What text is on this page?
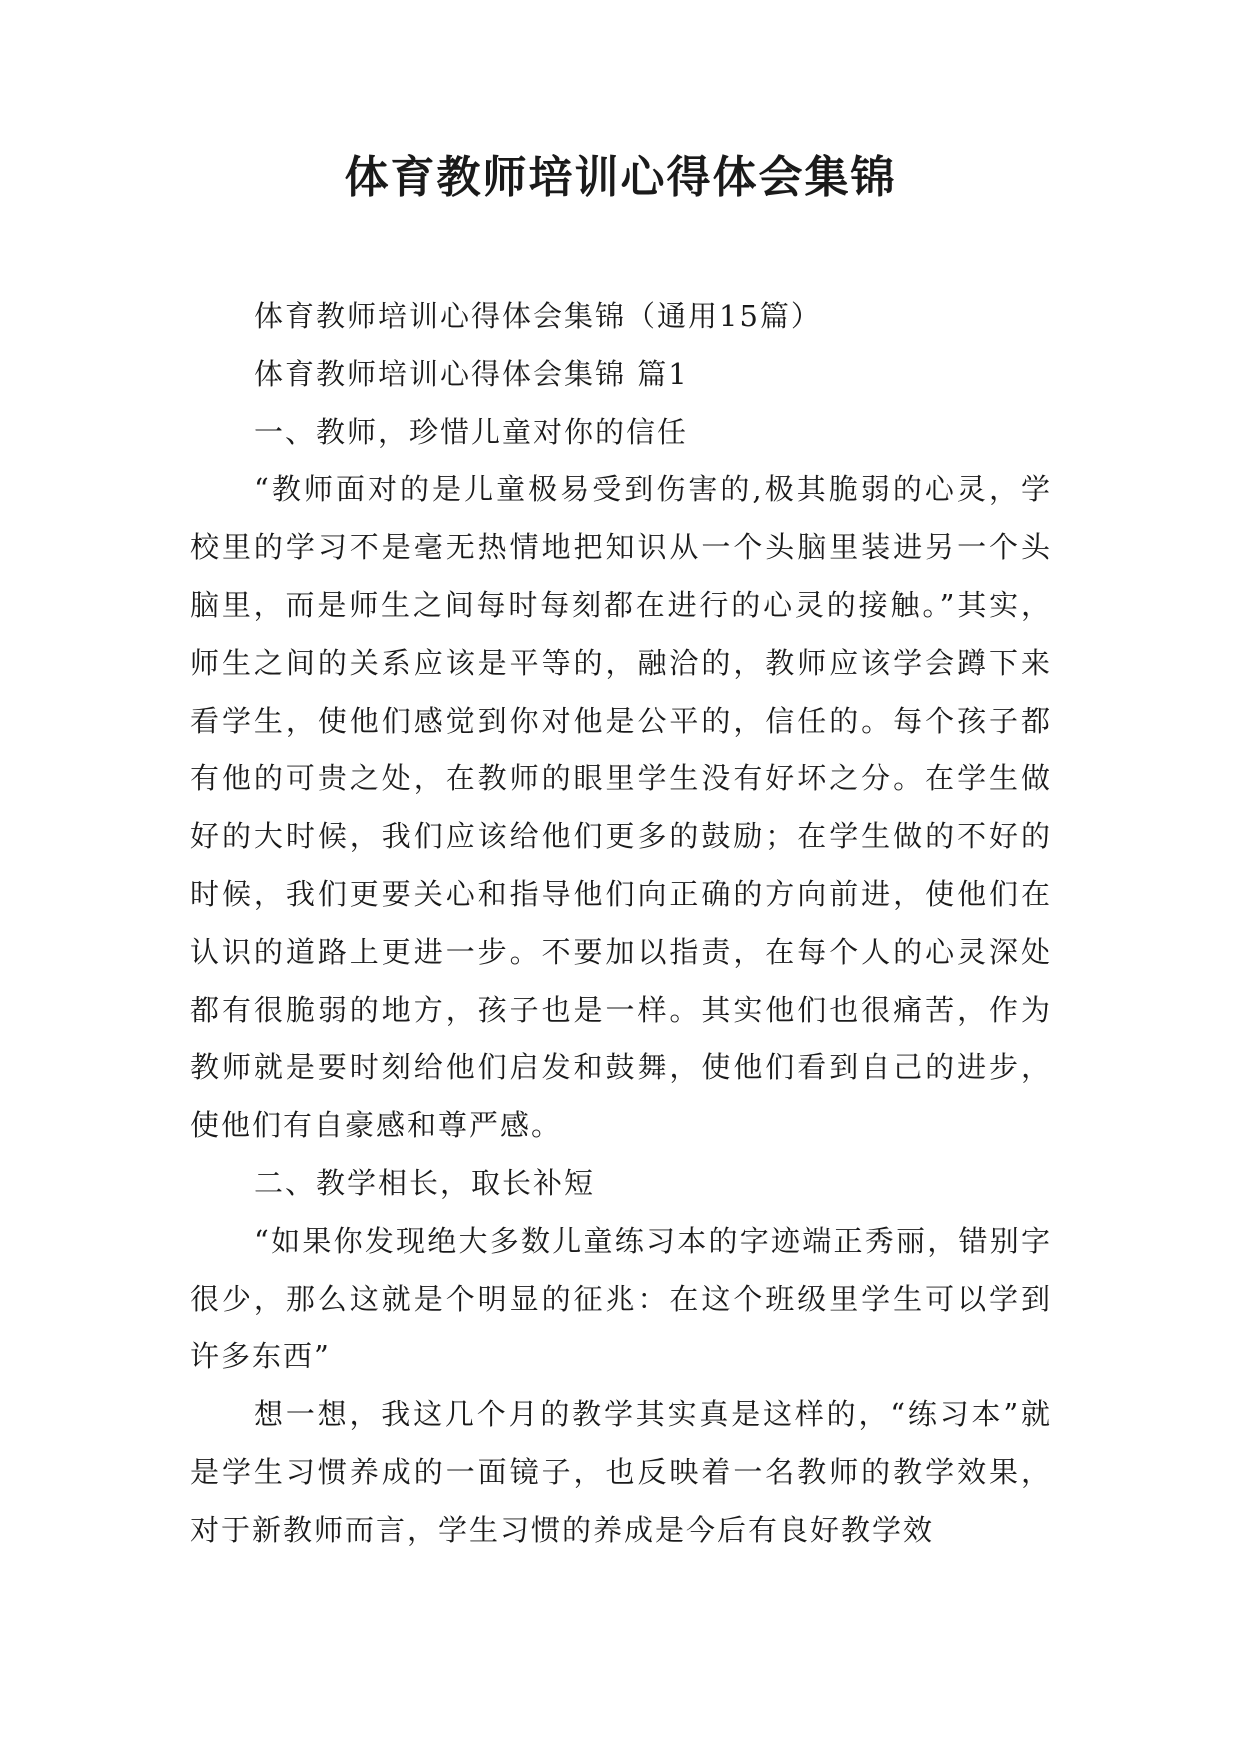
体育教师培训心得体会集锦

体育教师培训心得体会集锦（通用15篇）

体育教师培训心得体会集锦 篇1

一、教师，珍惜儿童对你的信任

“教师面对的是儿童极易受到伤害的,极其脆弱的心灵，学校里的学习不是毫无热情地把知识从一个头脑里装进另一个头脑里，而是师生之间每时每刻都在进行的心灵的接触。”其实，师生之间的关系应该是平等的，融洽的，教师应该学会蹲下来看学生，使他们感觉到你对他是公平的，信任的。每个孩子都有他的可贵之处，在教师的眼里学生没有好坏之分。在学生做好的大时候，我们应该给他们更多的鼓励；在学生做的不好的时候，我们更要关心和指导他们向正确的方向前进，使他们在认识的道路上更进一步。不要加以指责，在每个人的心灵深处都有很脆弱的地方，孩子也是一样。其实他们也很痛苦，作为教师就是要时刻给他们启发和鼓舞，使他们看到自己的进步，使他们有自豪感和尊严感。

二、教学相长，取长补短

“如果你发现绝大多数儿童练习本的字迹端正秀丽，错别字很少，那么这就是个明显的征兆：在这个班级里学生可以学到许多东西”

想一想，我这几个月的教学其实真是这样的，“练习本”就是学生习惯养成的一面镜子，也反映着一名教师的教学效果，对于新教师而言，学生习惯的养成是今后有良好教学效
